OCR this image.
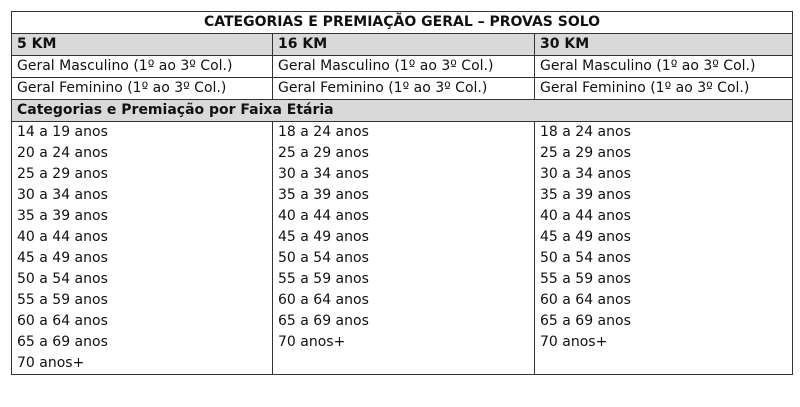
CATEGORIAS E PREMIAÇÃO GERAL – PROVAS SOLO		
5 KM	16 KM	30 KM
Geral Masculino (1º ao 3º Col.)	Geral Masculino (1º ao 3º Col.)	Geral Masculino (1º ao 3º Col.)
Geral Feminino (1º ao 3º Col.)	Geral Feminino (1º ao 3º Col.)	Geral Feminino (1º ao 3º Col.)
Categorias e Premiação por Faixa Etária		
14 a 19 anos	18 a 24 anos	18 a 24 anos
20 a 24 anos	25 a 29 anos	25 a 29 anos
25 a 29 anos	30 a 34 anos	30 a 34 anos
30 a 34 anos	35 a 39 anos	35 a 39 anos
35 a 39 anos	40 a 44 anos	40 a 44 anos
40 a 44 anos	45 a 49 anos	45 a 49 anos
45 a 49 anos	50 a 54 anos	50 a 54 anos
50 a 54 anos	55 a 59 anos	55 a 59 anos
55 a 59 anos	60 a 64 anos	60 a 64 anos
60 a 64 anos	65 a 69 anos	65 a 69 anos
65 a 69 anos	70 anos+	70 anos+
70 anos+		
